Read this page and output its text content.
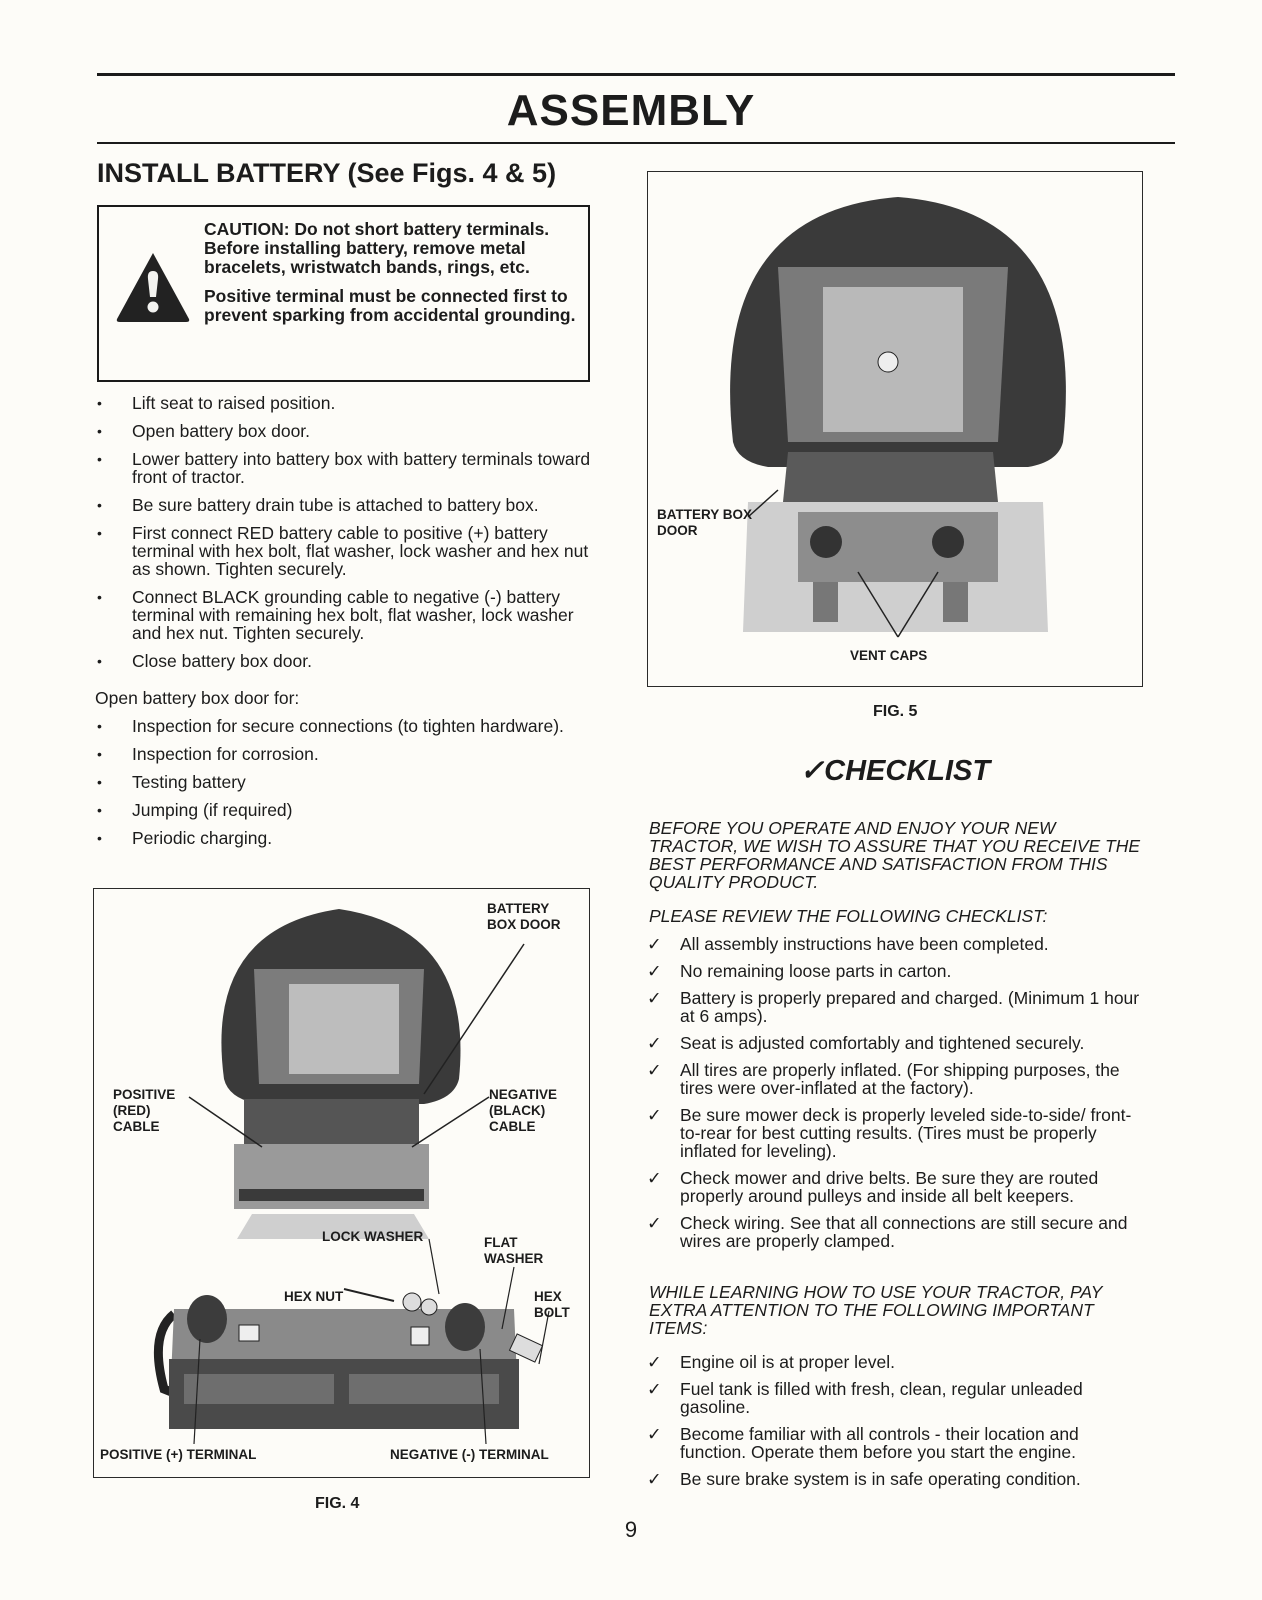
ASSEMBLY
INSTALL BATTERY (See Figs. 4 & 5)

CAUTION: Do not short battery terminals. Before installing battery, remove metal bracelets, wristwatch bands, rings, etc.

Positive terminal must be connected first to prevent sparking from accidental grounding.

• Lift seat to raised position.
• Open battery box door.
• Lower battery into battery box with battery terminals toward front of tractor.
• Be sure battery drain tube is attached to battery box.
• First connect RED battery cable to positive (+) battery terminal with hex bolt, flat washer, lock washer and hex nut as shown. Tighten securely.
• Connect BLACK grounding cable to negative (-) battery terminal with remaining hex bolt, flat washer, lock washer and hex nut. Tighten securely.
• Close battery box door.
Open battery box door for:
• Inspection for secure connections (to tighten hardware).
• Inspection for corrosion.
• Testing battery
• Jumping (if required)
• Periodic charging.
BATTERY BOX DOOR
POSITIVE (RED) CABLE
NEGATIVE (BLACK) CABLE
LOCK WASHER	FLAT WASHER
HEX NUT	HEX BOLT
POSITIVE (+) TERMINAL	NEGATIVE (-) TERMINAL
FIG. 4
BATTERY BOX DOOR
VENT CAPS
FIG. 5
✓CHECKLIST
BEFORE YOU OPERATE AND ENJOY YOUR NEW TRACTOR, WE WISH TO ASSURE THAT YOU RECEIVE THE BEST PERFORMANCE AND SATISFACTION FROM THIS QUALITY PRODUCT.
PLEASE REVIEW THE FOLLOWING CHECKLIST:
✓ All assembly instructions have been completed.
✓ No remaining loose parts in carton.
✓ Battery is properly prepared and charged. (Minimum 1 hour at 6 amps).
✓ Seat is adjusted comfortably and tightened securely.
✓ All tires are properly inflated. (For shipping purposes, the tires were over-inflated at the factory).
✓ Be sure mower deck is properly leveled side-to-side/ front-to-rear for best cutting results. (Tires must be properly inflated for leveling).
✓ Check mower and drive belts. Be sure they are routed properly around pulleys and inside all belt keepers.
✓ Check wiring. See that all connections are still secure and wires are properly clamped.
WHILE LEARNING HOW TO USE YOUR TRACTOR, PAY EXTRA ATTENTION TO THE FOLLOWING IMPORTANT ITEMS:
✓ Engine oil is at proper level.
✓ Fuel tank is filled with fresh, clean, regular unleaded gasoline.
✓ Become familiar with all controls - their location and function. Operate them before you start the engine.
✓ Be sure brake system is in safe operating condition.
9
